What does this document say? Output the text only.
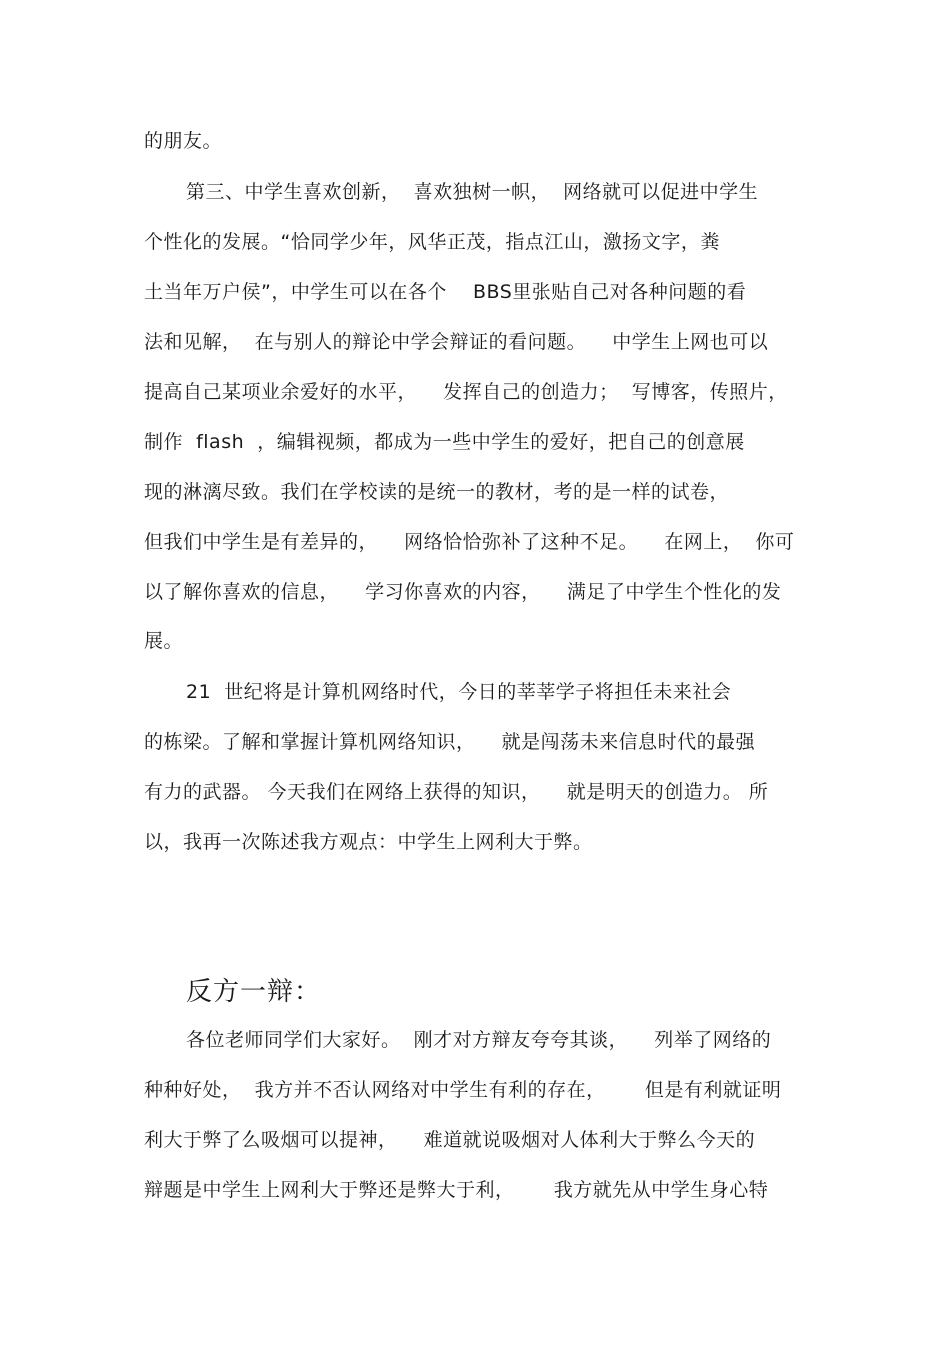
的朋友。
第三、中学生喜欢创新，  喜欢独树一帜，  网络就可以促进中学生
个性化的发展。“恰同学少年，风华正茂，指点江山，激扬文字，粪
土当年万户侯”，中学生可以在各个    BBS里张贴自己对各种问题的看
法和见解，  在与别人的辩论中学会辩证的看问题。    中学生上网也可以
提高自己某项业余爱好的水平，    发挥自己的创造力；  写博客，传照片，
制作  flash  ，编辑视频，都成为一些中学生的爱好，把自己的创意展
现的淋漓尽致。我们在学校读的是统一的教材，考的是一样的试卷，
但我们中学生是有差异的，    网络恰恰弥补了这种不足。    在网上，  你可
以了解你喜欢的信息，    学习你喜欢的内容，    满足了中学生个性化的发
展。
21  世纪将是计算机网络时代，今日的莘莘学子将担任未来社会
的栋梁。了解和掌握计算机网络知识，    就是闯荡未来信息时代的最强
有力的武器。 今天我们在网络上获得的知识，    就是明天的创造力。 所
以，我再一次陈述我方观点：中学生上网利大于弊。
反方一辩：
各位老师同学们大家好。  刚才对方辩友夸夸其谈，    列举了网络的
种种好处，  我方并不否认网络对中学生有利的存在，      但是有利就证明
利大于弊了么吸烟可以提神，    难道就说吸烟对人体利大于弊么今天的
辩题是中学生上网利大于弊还是弊大于利，      我方就先从中学生身心特
